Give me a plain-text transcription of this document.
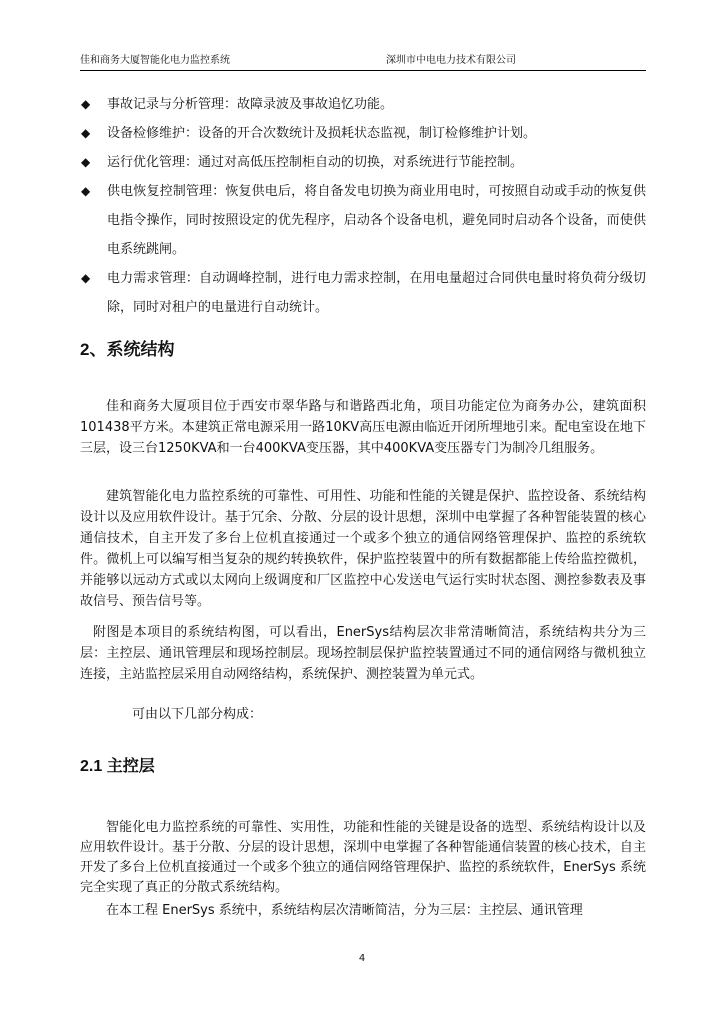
佳和商务大厦智能化电力监控系统	深圳市中电电力技术有限公司
◆ 事故记录与分析管理：故障录波及事故追忆功能。
◆ 设备检修维护：设备的开合次数统计及损耗状态监视，制订检修维护计划。
◆ 运行优化管理：通过对高低压控制柜自动的切换，对系统进行节能控制。
◆ 供电恢复控制管理：恢复供电后，将自备发电切换为商业用电时，可按照自动或手动的恢复供电指令操作，同时按照设定的优先程序，启动各个设备电机，避免同时启动各个设备，而使供电系统跳闸。
◆ 电力需求管理：自动调峰控制，进行电力需求控制，在用电量超过合同供电量时将负荷分级切除，同时对租户的电量进行自动统计。
2、系统结构

佳和商务大厦项目位于西安市翠华路与和谐路西北角，项目功能定位为商务办公，建筑面积101438平方米。本建筑正常电源采用一路10KV高压电源由临近开闭所埋地引来。配电室设在地下三层，设三台1250KVA和一台400KVA变压器，其中400KVA变压器专门为制冷几组服务。

建筑智能化电力监控系统的可靠性、可用性、功能和性能的关键是保护、监控设备、系统结构设计以及应用软件设计。基于冗余、分散、分层的设计思想，深圳中电掌握了各种智能装置的核心通信技术，自主开发了多台上位机直接通过一个或多个独立的通信网络管理保护、监控的系统软件。微机上可以编写相当复杂的规约转换软件，保护监控装置中的所有数据都能上传给监控微机，并能够以远动方式或以太网向上级调度和厂区监控中心发送电气运行实时状态图、测控参数表及事故信号、预告信号等。

附图是本项目的系统结构图，可以看出，EnerSys结构层次非常清晰简洁，系统结构共分为三层：主控层、通讯管理层和现场控制层。现场控制层保护监控装置通过不同的通信网络与微机独立连接，主站监控层采用自动网络结构，系统保护、测控装置为单元式。

可由以下几部分构成：

2.1 主控层

智能化电力监控系统的可靠性、实用性，功能和性能的关键是设备的选型、系统结构设计以及应用软件设计。基于分散、分层的设计思想，深圳中电掌握了各种智能通信装置的核心技术，自主开发了多台上位机直接通过一个或多个独立的通信网络管理保护、监控的系统软件，EnerSys 系统完全实现了真正的分散式系统结构。

在本工程 EnerSys 系统中，系统结构层次清晰简洁，分为三层：主控层、通讯管理

4
